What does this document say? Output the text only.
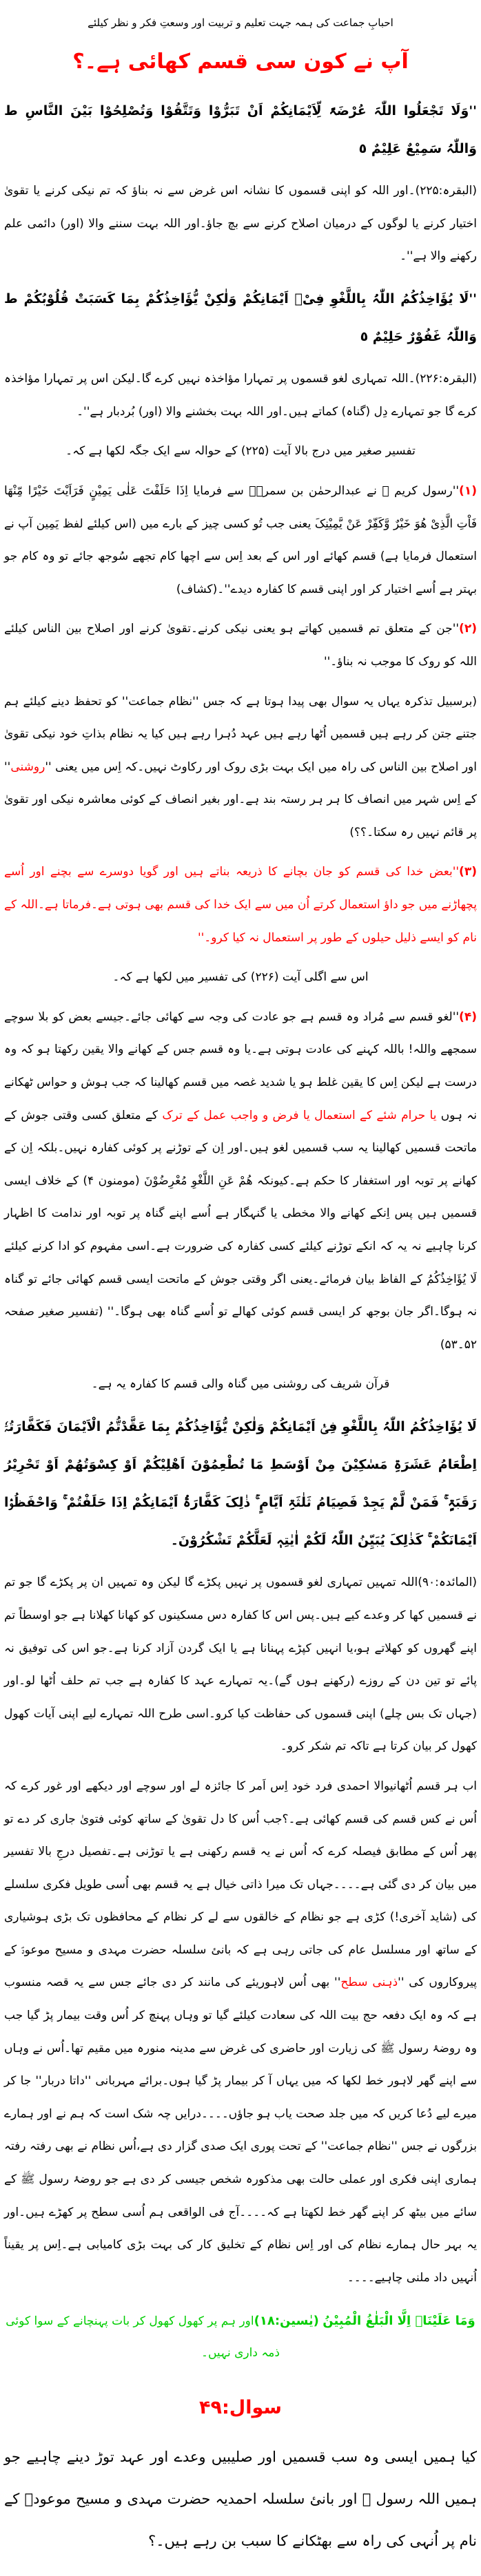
احبابِ جماعت کی ہمہ جہت تعلیم و تربیت اور وسعتِ فکر و نظر کیلئے
آپ نے کون سی قسم کھائی ہے۔؟

''وَلَا تَجْعَلُوا اللّٰہَ عُرْضَۃً لِّاَیْمَانِکُمْ اَنْ تَبَرُّوْا وَتَتَّقُوْا وَتُصْلِحُوْا بَیْنَ النَّاسِ ط وَاللّٰہُ سَمِیْعٌ عَلِیْمٌ ٥

(البقرہ:۲۲۵)۔اور اللہ کو اپنی قسموں کا نشانہ اس غرض سے نہ بناؤ کہ تم نیکی کرنے یا تقویٰ اختیار کرنے یا لوگوں کے درمیان اصلاح کرنے سے بچ جاؤ۔اور اللہ بہت سننے والا (اور) دائمی علم رکھنے والا ہے''۔

''لَا یُؤَاخِذُکُمُ اللّٰہُ بِاللَّغْوِ فِیْۤ اَیْمَانِکُمْ وَلٰکِنْ یُّؤَاخِذُکُمْ بِمَا کَسَبَتْ قُلُوْبُکُمْ ط وَاللّٰہُ غَفُوْرٌ حَلِیْمٌ ٥

(البقرہ:۲۲۶)۔اللہ تمہاری لغو قسموں پر تمہارا مؤاخذہ نہیں کرے گا۔لیکن اس پر تمہارا مؤاخذہ کرے گا جو تمہارے دِل (گناہ) کماتے ہیں۔اور اللہ بہت بخشنے والا (اور) بُردبار ہے''۔

تفسیر صغیر میں درج بالا آیت (۲۲۵) کے حوالہ سے ایک جگہ لکھا ہے کہ۔

(۱)''رسول کریم ﷺ نے عبدالرحمٰن بن سمرہؓ سے فرمایا اِذَا حَلَفْتَ عَلٰی یَمِیْنٍ فَرَاَیْتَ خَیْرًا مِّنْھَا فَاْتِ الَّذِیْ ھُوَ خَیْرٌ وَّکَفِّرْ عَنْ یَّمِیْنِکَ یعنی جب تُو کسی چیز کے بارے میں (اس کیلئے لفظ یَمِین آپ نے استعمال فرمایا ہے) قسم کھائے اور اس کے بعد اِس سے اچھا کام تجھے سُوجھ جائے تو وہ کام جو بہتر ہے اُسے اختیار کر اور اپنی قسم کا کفارہ دیدے''۔(کشاف)

(۲)''جن کے متعلق تم قسمیں کھاتے ہو یعنی نیکی کرنے۔تقویٰ کرنے اور اصلاح بین الناس کیلئے اللہ کو روک کا موجب نہ بناؤ۔''

(برسبیل تذکرہ یہاں یہ سوال بھی پیدا ہوتا ہے کہ جس ''نظام جماعت'' کو تحفظ دینے کیلئے ہم جتنے جتن کر رہے ہیں قسمیں اُٹھا رہے ہیں عہد دُہرا رہے ہیں کیا یہ نظام بذاتِ خود نیکی تقویٰ اور اصلاح بین الناس کی راہ میں ایک بہت بڑی روک اور رکاوٹ نہیں۔کہ اِس میں یعنی ''روشنی'' کے اِس شہر میں انصاف کا ہر ہر رستہ بند ہے۔اور بغیر انصاف کے کوئی معاشرہ نیکی اور تقویٰ پر قائم نہیں رہ سکتا۔؟؟)

(۳)''بعض خدا کی قسم کو جان بچانے کا ذریعہ بناتے ہیں اور گویا دوسرے سے بچنے اور اُسے پچھاڑنے میں جو داؤ استعمال کرتے اُن میں سے ایک خدا کی قسم بھی ہوتی ہے۔فرماتا ہے۔اللہ کے نام کو ایسے ذلیل حیلوں کے طور پر استعمال نہ کیا کرو۔''

اس سے اگلی آیت (۲۲۶) کی تفسیر میں لکھا ہے کہ۔

(۴)''لغو قسم سے مُراد وہ قسم ہے جو عادت کی وجہ سے کھائی جائے۔جیسے بعض کو بلا سوچے سمجھے واللہ! باللہ کہنے کی عادت ہوتی ہے۔یا وہ قسم جس کے کھانے والا یقین رکھتا ہو کہ وہ درست ہے لیکن اِس کا یقین غلط ہو یا شدید غصہ میں قسم کھالینا کہ جب ہوش و حواس ٹھکانے نہ ہوں یا حرام شئے کے استعمال یا فرض و واجب عمل کے ترک کے متعلق کسی وقتی جوش کے ماتحت قسمیں کھالینا یہ سب قسمیں لغو ہیں۔اور اِن کے توڑنے پر کوئی کفارہ نہیں۔بلکہ اِن کے کھانے پر توبہ اور استغفار کا حکم ہے۔کیونکہ ھُمْ عَنِ اللَّغْوِ مُعْرِضُوْنَ (مومنون ۴) کے خلاف ایسی قسمیں ہیں پس اِنکے کھانے والا مخطی یا گنہگار ہے اُسے اپنے گناہ پر توبہ اور ندامت کا اظہار کرنا چاہیے نہ یہ کہ انکے توڑنے کیلئے کسی کفارہ کی ضرورت ہے۔اسی مفہوم کو ادا کرنے کیلئے لَا یُؤَاخِذُکُمُ کے الفاظ بیان فرمائے۔یعنی اگر وقتی جوش کے ماتحت ایسی قسم کھائی جائے تو گناہ نہ ہوگا۔اگر جان بوجھ کر ایسی قسم کوئی کھالے تو اُسے گناہ بھی ہوگا۔'' (تفسیر صغیر صفحہ ۵۲۔۵۳)

قرآن شریف کی روشنی میں گناہ والی قسم کا کفارہ یہ ہے۔

لَا یُؤَاخِذُکُمُ اللّٰہُ بِاللَّغْوِ فِیْۤ اَیْمَانِکُمْ وَلٰکِنْ یُّؤَاخِذُکُمْ بِمَا عَقَّدْتُّمُ الْاَیْمَانَ فَکَفَّارَتُہٗۤ اِطْعَامُ عَشَرَۃِ مَسٰکِیْنَ مِنْ اَوْسَطِ مَا تُطْعِمُوْنَ اَھْلِیْکُمْ اَوْ کِسْوَتُھُمْ اَوْ تَحْرِیْرُ رَقَبَۃٍ ۚ فَمَنْ لَّمْ یَجِدْ فَصِیَامُ ثَلٰثَۃِ اَیَّامٍ ۚ ذٰلِکَ کَفَّارَۃُ اَیْمَانِکُمْ اِذَا حَلَفْتُمْ ۚ وَاحْفَظُوْۤا اَیْمَانَکُمْ ۚ کَذٰلِکَ یُبَیِّنُ اللّٰہُ لَکُمْ اٰیٰتِہٖ لَعَلَّکُمْ تَشْکُرُوْنَ۔

(المائدہ:۹۰)اللہ تمہیں تمہاری لغو قسموں پر نہیں پکڑے گا لیکن وہ تمہیں ان پر پکڑے گا جو تم نے قسمیں کھا کر وعدے کیے ہیں۔پس اس کا کفارہ دس مسکینوں کو کھانا کھلانا ہے جو اوسطاً تم اپنے گھروں کو کھلاتے ہو،یا انہیں کپڑے پہنانا ہے یا ایک گردن آزاد کرنا ہے۔جو اس کی توفیق نہ پائے تو تین دن کے روزے (رکھنے ہوں گے)۔یہ تمہارے عہد کا کفارہ ہے جب تم حلف اُٹھا لو۔اور (جہاں تک بس چلے) اپنی قسموں کی حفاظت کیا کرو۔اسی طرح اللہ تمہارے لیے اپنی آیات کھول کھول کر بیان کرتا ہے تاکہ تم شکر کرو۔

اب ہر قسم اُٹھانیوالا احمدی فرد خود اِس اَمر کا جائزہ لے اور سوچے اور دیکھے اور غور کرے کہ اُس نے کس قسم کی قسم کھائی ہے۔؟جب اُس کا دل تقویٰ کے ساتھ کوئی فتویٰ جاری کر دے تو پھر اُس کے مطابق فیصلہ کرے کہ اُس نے یہ قسم رکھنی ہے یا توڑنی ہے۔تفصیل درجِ بالا تفسیر میں بیان کر دی گئی ہے۔۔۔۔جہاں تک میرا ذاتی خیال ہے یہ قسم بھی اُسی طویل فکری سلسلے کی (شاید آخری!) کڑی ہے جو نظام کے خالقوں سے لے کر نظام کے محافظوں تک بڑی ہوشیاری کے ساتھ اور مسلسل عام کی جاتی رہی ہے کہ بانئ سلسلہ حضرت مہدی و مسیح موعودؑ کے پیروکاروں کی ''ذہنی سطح'' بھی اُس لاہوریئے کی مانند کر دی جائے جس سے یہ قصہ منسوب ہے کہ وہ ایک دفعہ حج بیت اللہ کی سعادت کیلئے گیا تو وہاں پہنچ کر اُس وقت بیمار پڑ گیا جب وہ روضۂ رسول ﷺ کی زیارت اور حاضری کی غرض سے مدینہ منورہ میں مقیم تھا۔اُس نے وہاں سے اپنے گھر لاہور خط لکھا کہ میں یہاں آ کر بیمار پڑ گیا ہوں۔برائے مہربانی ''داتا دربار'' جا کر میرے لیے دُعا کریں کہ میں جلد صحت یاب ہو جاؤں۔۔۔۔درایں چہ شک است کہ ہم نے اور ہمارے بزرگوں نے جس ''نظام جماعت'' کے تحت پوری ایک صدی گزار دی ہے،اُس نظام نے بھی رفتہ رفتہ ہماری اپنی فکری اور عملی حالت بھی مذکورہ شخص جیسی کر دی ہے جو روضۂ رسول ﷺ کے سائے میں بیٹھ کر اپنے گھر خط لکھتا ہے کہ۔۔۔۔آج فی الواقعی ہم اُسی سطح پر کھڑے ہیں۔اور یہ بہر حال ہمارے نظام کی اور اِس نظام کے تخلیق کار کی بہت بڑی کامیابی ہے۔اِس پر یقیناً اُنہیں داد ملنی چاہیے۔۔۔۔

وَمَا عَلَیْنَاۤ اِلَّا الْبَلٰغُ الْمُبِیْنُ (یٰسین:۱۸)اور ہم پر کھول کھول کر بات پہنچانے کے سوا کوئی ذمہ داری نہیں۔

سوال:۴۹

کیا ہمیں ایسی وہ سب قسمیں اور صلیبیں وعدے اور عہد توڑ دینے چاہیے جو ہمیں اللہ رسول ﷺ اور بانئ سلسلہ احمدیہ حضرت مہدی و مسیح موعودؑ کے نام پر اُنہی کی راہ سے بھٹکانے کا سبب بن رہے ہیں۔؟
